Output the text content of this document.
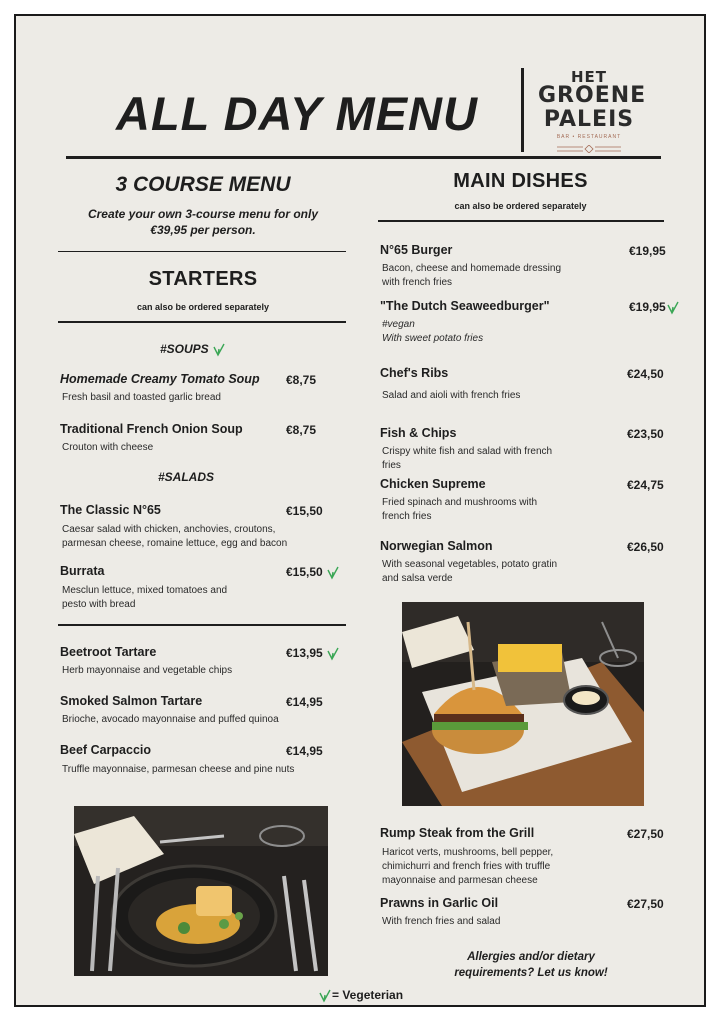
ALL DAY MENU
HET
GROENE
PALEIS
BAR • RESTAURANT
3 COURSE MENU
Create your own 3-course menu for only
€39,95 per person.
STARTERS
can also be ordered separately
#SOUPS
Homemade Creamy Tomato Soup €8,75
Fresh basil and toasted garlic bread
Traditional French Onion Soup	€8,75
Crouton with cheese
#SALADS
The Classic N°65	€15,50
Caesar salad with chicken, anchovies, croutons,
parmesan cheese, romaine lettuce, egg and bacon
Burrata	€15,50
Mesclun lettuce, mixed tomatoes and
pesto with bread
Beetroot Tartare	€13,95
Herb mayonnaise and vegetable chips
Smoked Salmon Tartare	€14,95
Brioche, avocado mayonnaise and puffed quinoa
Beef Carpaccio	€14,95
Truffle mayonnaise, parmesan cheese and pine nuts
= Vegeterian
MAIN DISHES
can also be ordered separately
N°65 Burger	€19,95
Bacon, cheese and homemade dressing
with french fries
"The Dutch Seaweedburger"	€19,95
#vegan
With sweet potato fries
Chef's Ribs	€24,50
Salad and aioli with french fries
Fish & Chips	€23,50
Crispy white fish and salad with french
fries
Chicken Supreme	€24,75
Fried spinach and mushrooms with
french fries
Norwegian Salmon	€26,50
With seasonal vegetables, potato gratin
and salsa verde
Rump Steak from the Grill	€27,50
Haricot verts, mushrooms, bell pepper,
chimichurri and french fries with truffle
mayonnaise and parmesan cheese
Prawns in Garlic Oil	€27,50
With french fries and salad
Allergies and/or dietary
requirements? Let us know!
